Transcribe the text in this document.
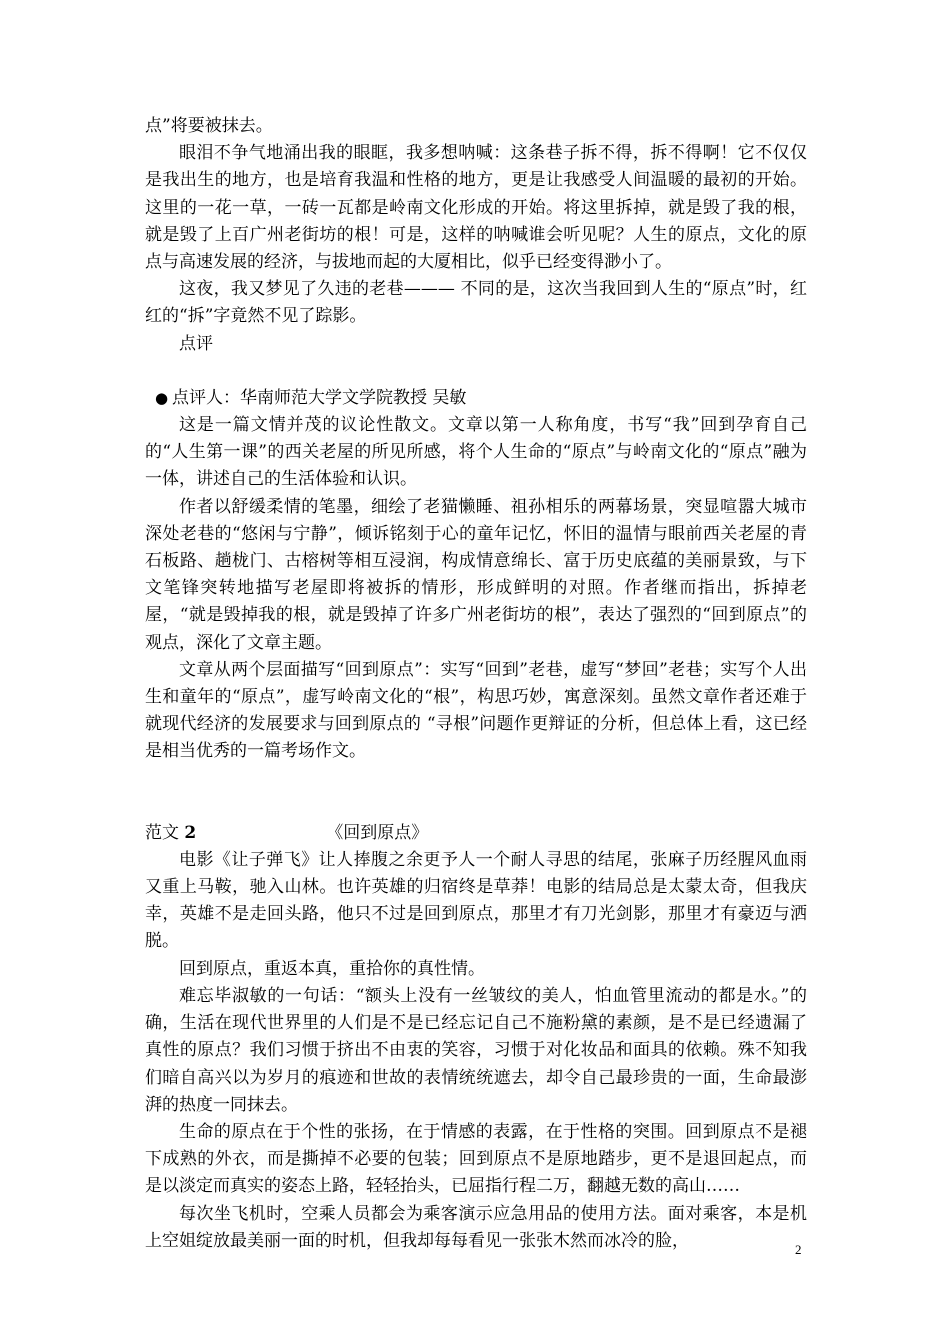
点”将要被抹去。

眼泪不争气地涌出我的眼眶，我多想呐喊：这条巷子拆不得，拆不得啊！它不仅仅是我出生的地方，也是培育我温和性格的地方，更是让我感受人间温暖的最初的开始。这里的一花一草，一砖一瓦都是岭南文化形成的开始。将这里拆掉，就是毁了我的根，就是毁了上百广州老街坊的根！可是，这样的呐喊谁会听见呢？人生的原点，文化的原点与高速发展的经济，与拔地而起的大厦相比，似乎已经变得渺小了。

这夜，我又梦见了久违的老巷——— 不同的是，这次当我回到人生的“原点”时，红红的“拆”字竟然不见了踪影。

点评

● 点评人：华南师范大学文学院教授 吴敏

这是一篇文情并茂的议论性散文。文章以第一人称角度，书写“我”回到孕育自己的“人生第一课”的西关老屋的所见所感，将个人生命的“原点”与岭南文化的“原点”融为一体，讲述自己的生活体验和认识。

作者以舒缓柔情的笔墨，细绘了老猫懒睡、祖孙相乐的两幕场景，突显喧嚣大城市深处老巷的“悠闲与宁静”，倾诉铭刻于心的童年记忆，怀旧的温情与眼前西关老屋的青石板路、趟栊门、古榕树等相互浸润，构成情意绵长、富于历史底蕴的美丽景致，与下文笔锋突转地描写老屋即将被拆的情形，形成鲜明的对照。作者继而指出，拆掉老屋，“就是毁掉我的根，就是毁掉了许多广州老街坊的根”，表达了强烈的“回到原点”的观点，深化了文章主题。

文章从两个层面描写“回到原点”：实写“回到”老巷，虚写“梦回”老巷；实写个人出生和童年的“原点”，虚写岭南文化的“根”，构思巧妙，寓意深刻。虽然文章作者还难于就现代经济的发展要求与回到原点的 “寻根”问题作更辩证的分析，但总体上看，这已经是相当优秀的一篇考场作文。

范文 2	《回到原点》

电影《让子弹飞》让人捧腹之余更予人一个耐人寻思的结尾，张麻子历经腥风血雨又重上马鞍，驰入山林。也许英雄的归宿终是草莽！电影的结局总是太蒙太奇，但我庆幸，英雄不是走回头路，他只不过是回到原点，那里才有刀光剑影，那里才有豪迈与洒脱。

回到原点，重返本真，重拾你的真性情。

难忘毕淑敏的一句话：“额头上没有一丝皱纹的美人，怕血管里流动的都是水。”的确，生活在现代世界里的人们是不是已经忘记自己不施粉黛的素颜，是不是已经遗漏了真性的原点？我们习惯于挤出不由衷的笑容，习惯于对化妆品和面具的依赖。殊不知我们暗自高兴以为岁月的痕迹和世故的表情统统遮去，却令自己最珍贵的一面，生命最澎湃的热度一同抹去。

生命的原点在于个性的张扬，在于情感的表露，在于性格的突围。回到原点不是褪下成熟的外衣，而是撕掉不必要的包装；回到原点不是原地踏步，更不是退回起点，而是以淡定而真实的姿态上路，轻轻抬头，已屈指行程二万，翻越无数的高山……

每次坐飞机时，空乘人员都会为乘客演示应急用品的使用方法。面对乘客，本是机上空姐绽放最美丽一面的时机，但我却每每看见一张张木然而冰冷的脸，	2
